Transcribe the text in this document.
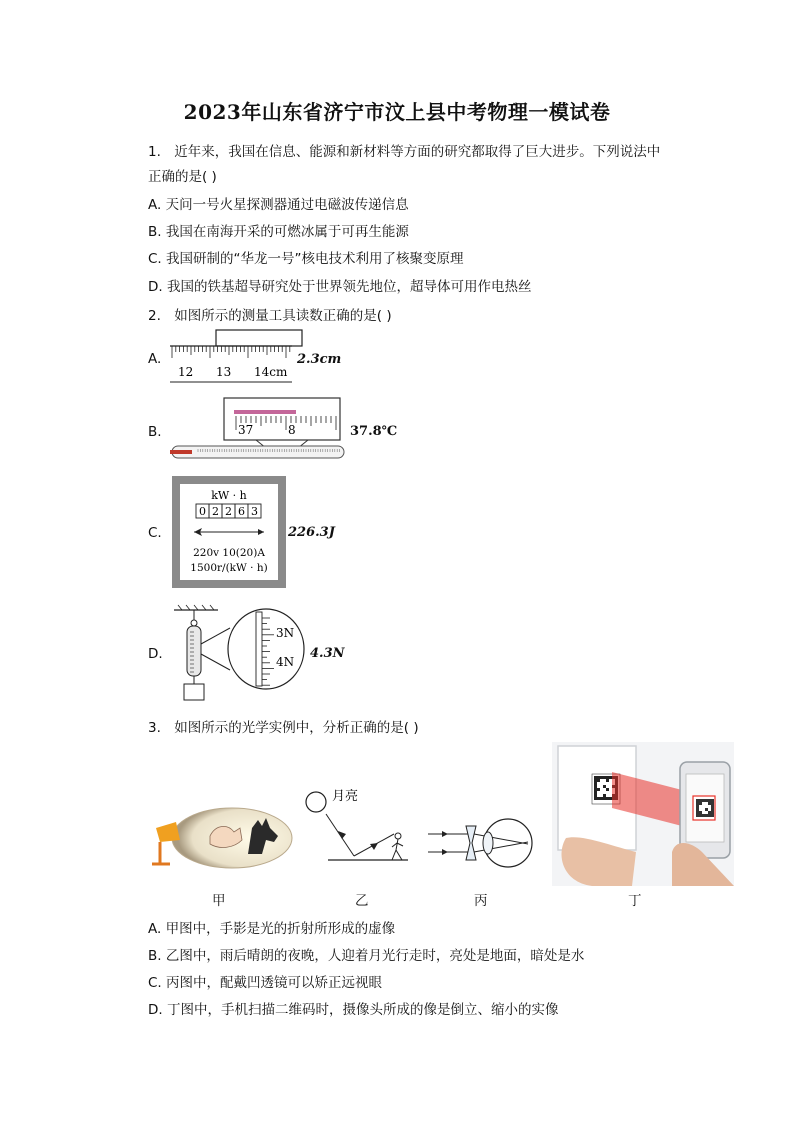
2023年山东省济宁市汶上县中考物理一模试卷
1. 近年来，我国在信息、能源和新材料等方面的研究都取得了巨大进步。下列说法中
正确的是( )
A. 天问一号火星探测器通过电磁波传递信息
B. 我国在南海开采的可燃冰属于可再生能源
C. 我国研制的“华龙一号”核电技术利用了核聚变原理
D. 我国的铁基超导研究处于世界领先地位，超导体可用作电热丝
2. 如图所示的测量工具读数正确的是( )
A.
12 13 14cm
2.3cm
B.	37	8	37.8℃
C.
kW · h
0 2 2 6 3
220v 10(20)A
1500r/(kW · h)
226.3J
D.
3N
4N
4.3N
3. 如图所示的光学实例中，分析正确的是( )
月亮
甲	乙	丙	丁
A. 甲图中，手影是光的折射所形成的虚像
B. 乙图中，雨后晴朗的夜晚，人迎着月光行走时，亮处是地面，暗处是水
C. 丙图中，配戴凹透镜可以矫正远视眼
D. 丁图中，手机扫描二维码时，摄像头所成的像是倒立、缩小的实像
